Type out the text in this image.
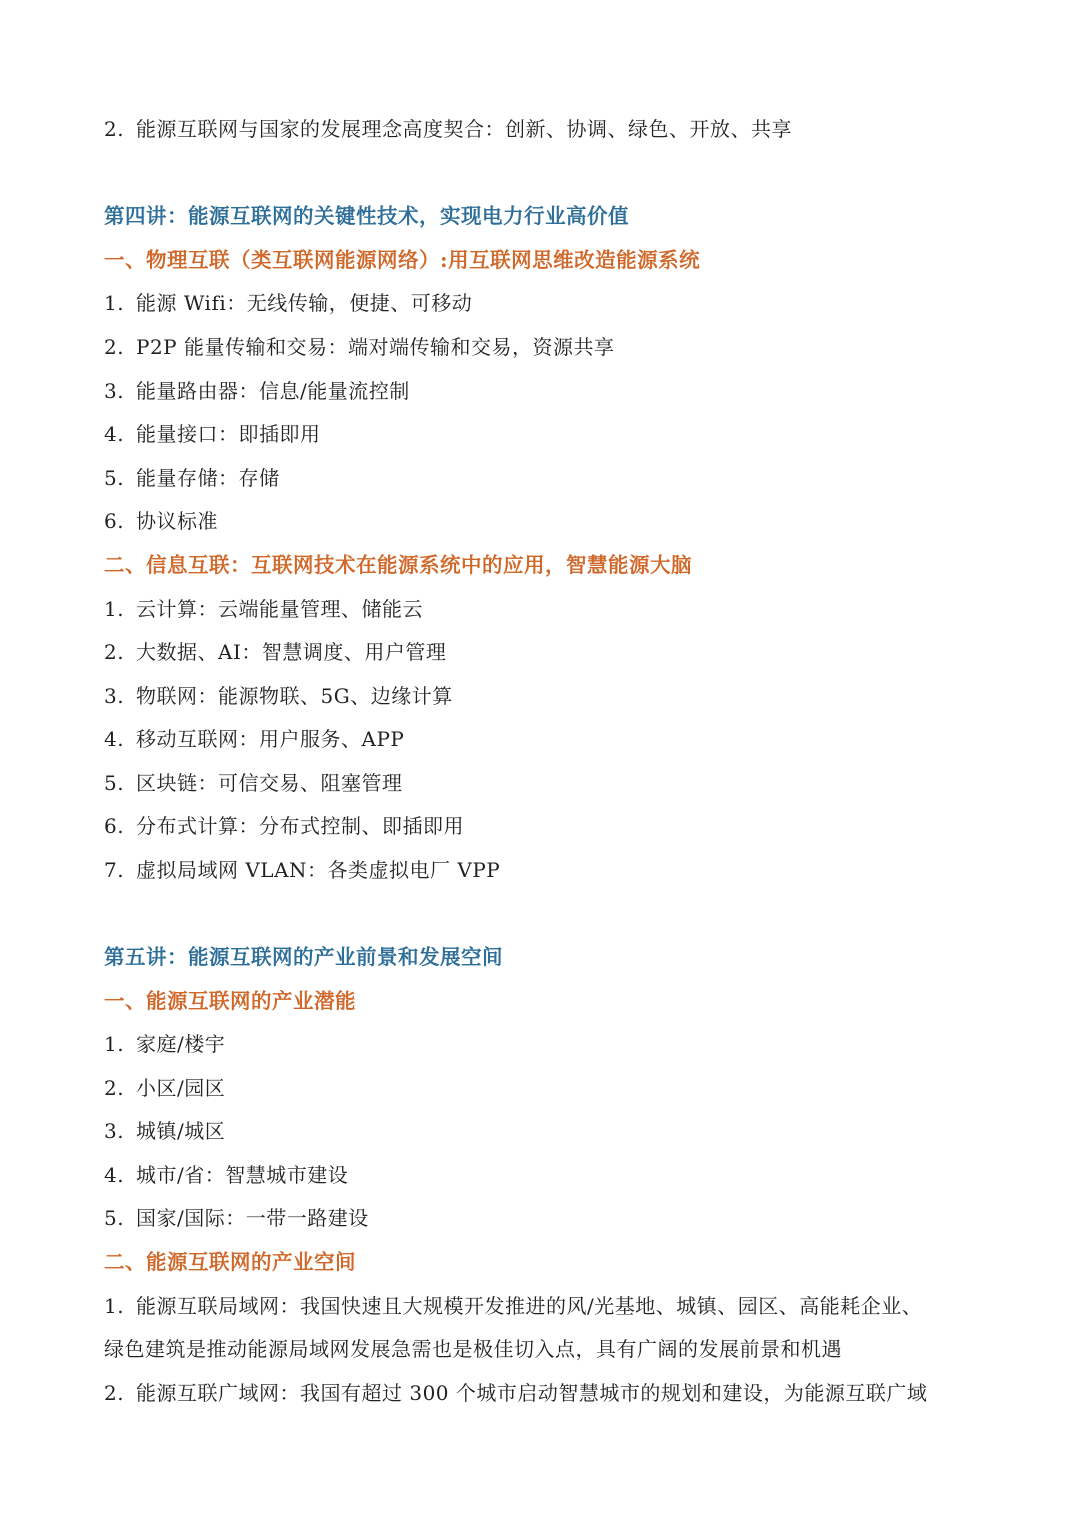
2. 能源互联网与国家的发展理念高度契合：创新、协调、绿色、开放、共享
第四讲：能源互联网的关键性技术，实现电力行业高价值
一、物理互联（类互联网能源网络）:用互联网思维改造能源系统
1. 能源 Wifi：无线传输，便捷、可移动
2. P2P 能量传输和交易：端对端传输和交易，资源共享
3. 能量路由器：信息/能量流控制
4. 能量接口：即插即用
5. 能量存储：存储
6. 协议标准
二、信息互联：互联网技术在能源系统中的应用，智慧能源大脑
1. 云计算：云端能量管理、储能云
2. 大数据、AI：智慧调度、用户管理
3. 物联网：能源物联、5G、边缘计算
4. 移动互联网：用户服务、APP
5. 区块链：可信交易、阻塞管理
6. 分布式计算：分布式控制、即插即用
7. 虚拟局域网 VLAN：各类虚拟电厂 VPP
第五讲：能源互联网的产业前景和发展空间
一、能源互联网的产业潜能
1. 家庭/楼宇
2. 小区/园区
3. 城镇/城区
4. 城市/省：智慧城市建设
5. 国家/国际：一带一路建设
二、能源互联网的产业空间
1. 能源互联局域网：我国快速且大规模开发推进的风/光基地、城镇、园区、高能耗企业、
绿色建筑是推动能源局域网发展急需也是极佳切入点，具有广阔的发展前景和机遇
2. 能源互联广域网：我国有超过 300 个城市启动智慧城市的规划和建设，为能源互联广域
